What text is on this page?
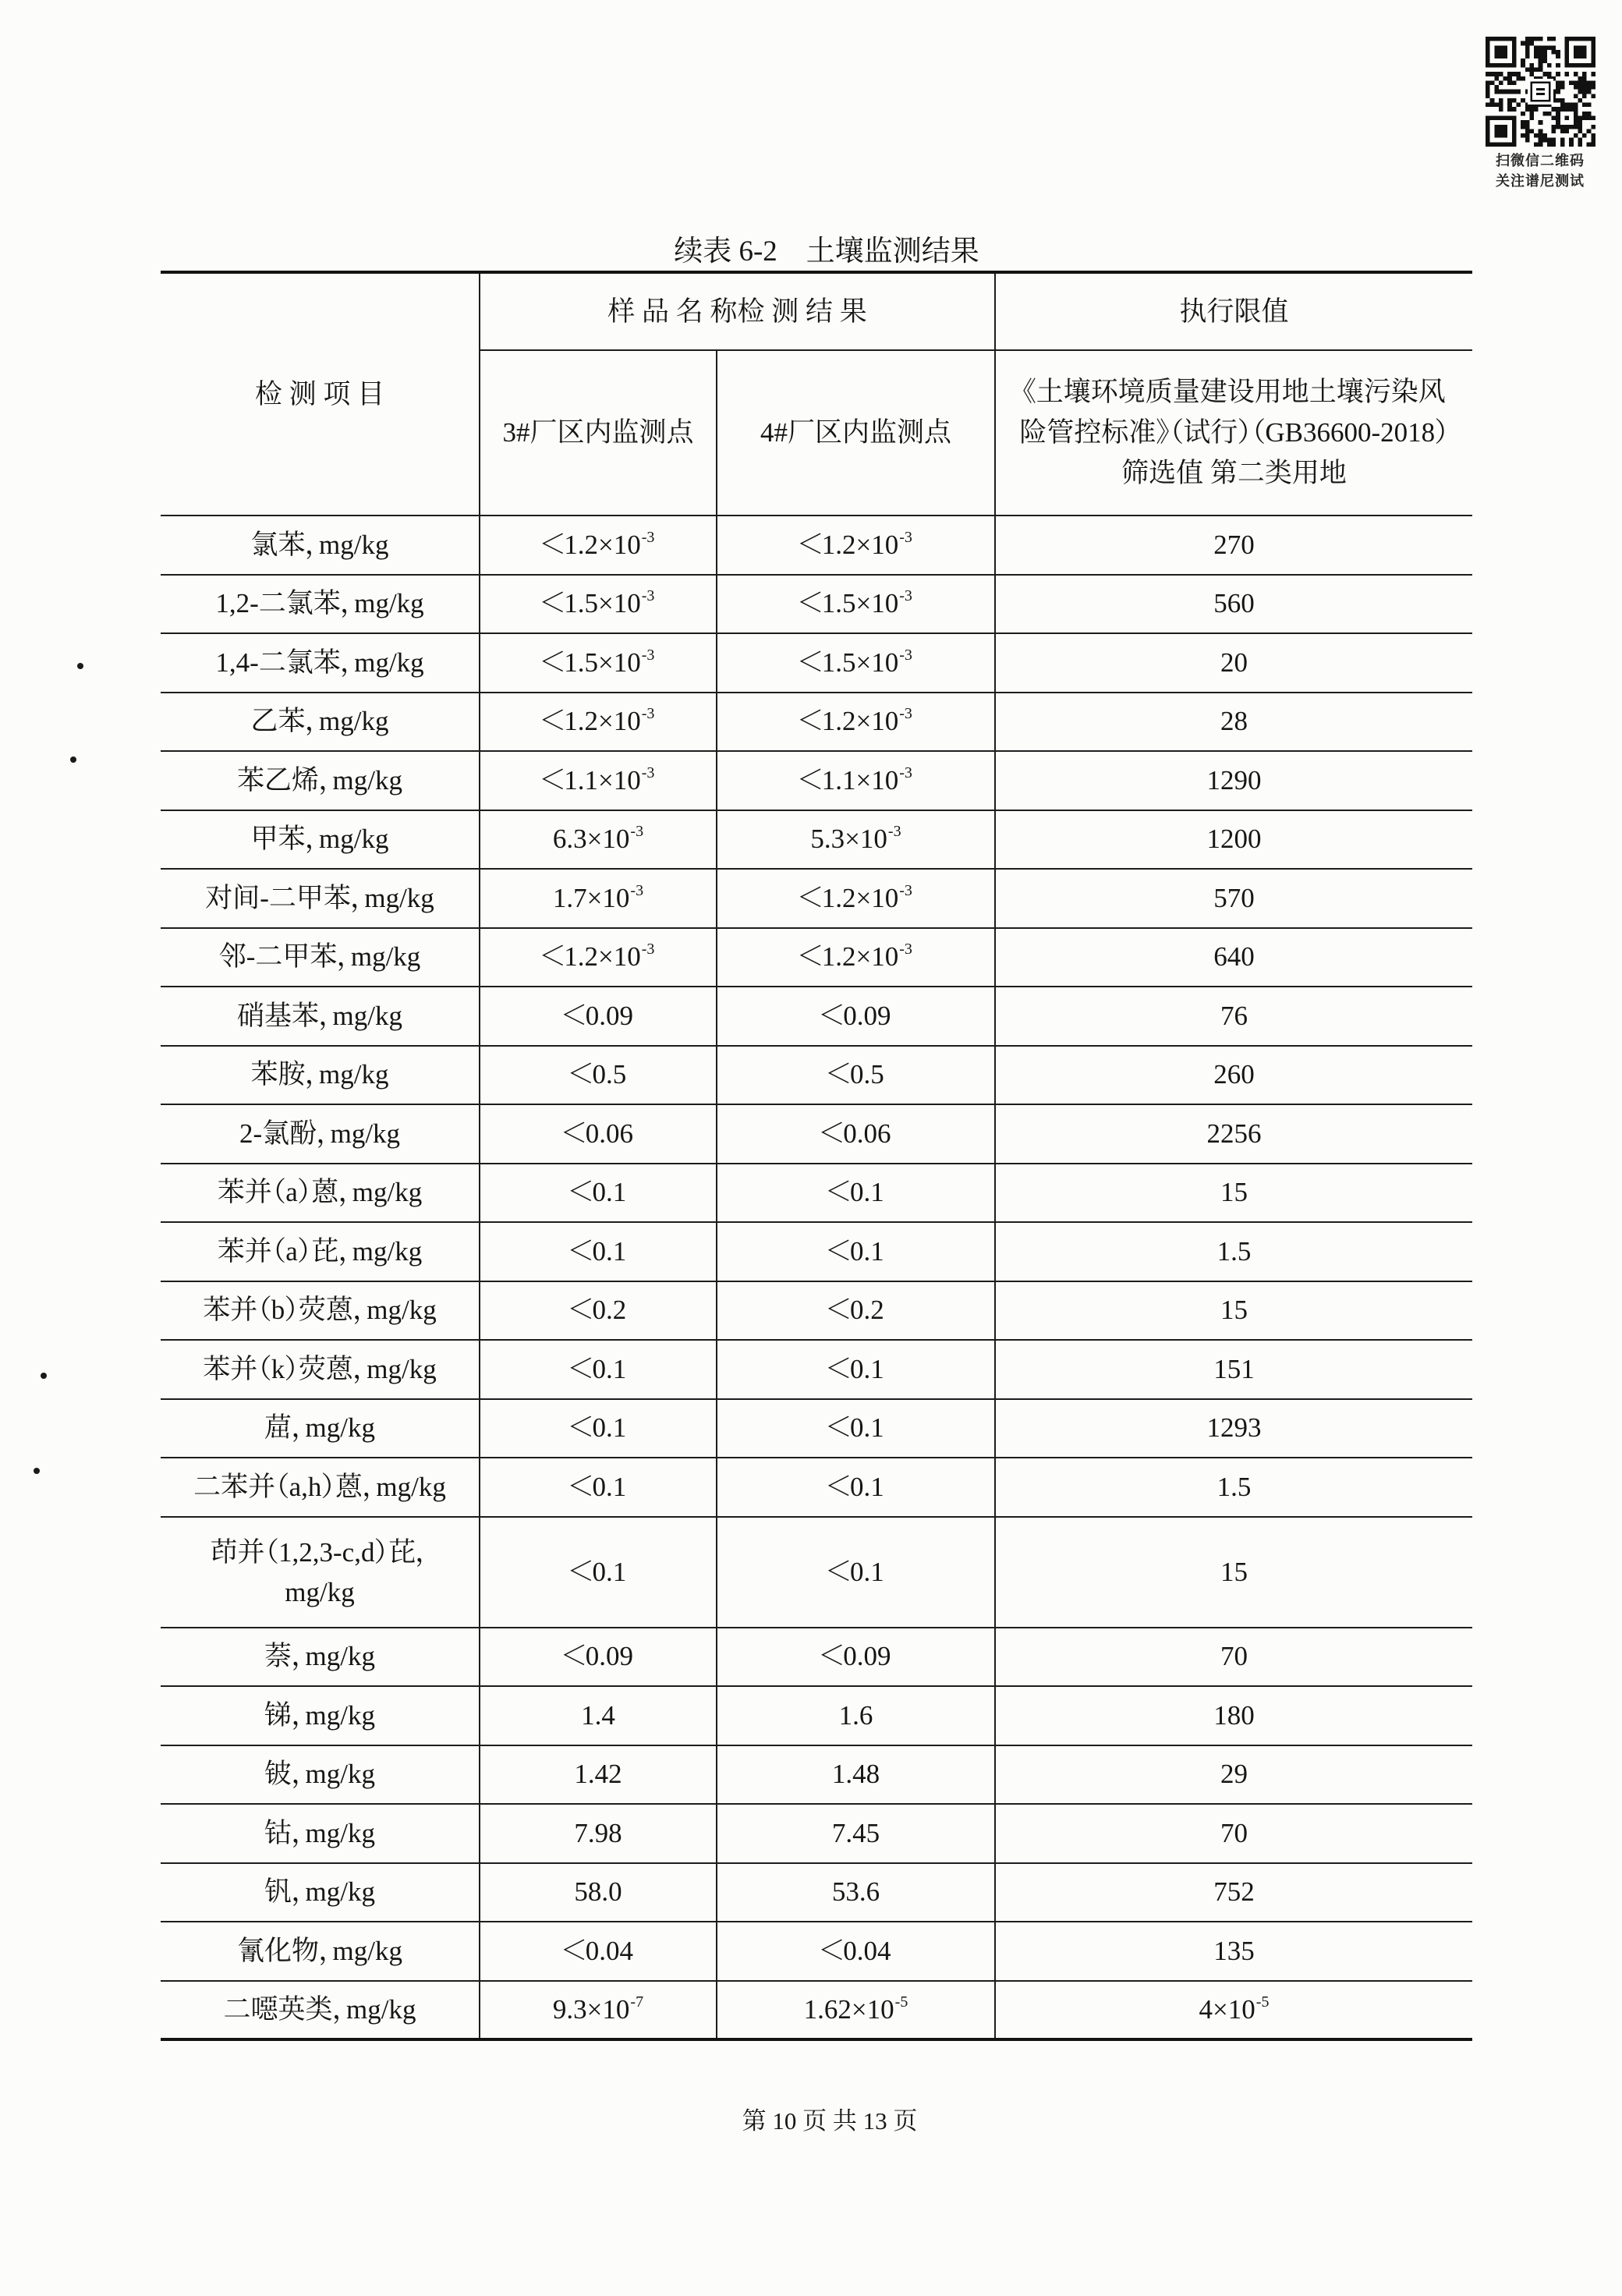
扫微信二维码
关注谱尼测试
续表 6-2　土壤监测结果
检 测 项 目	样 品 名 称检 测 结 果		执行限值
	3#厂区内监测点	4#厂区内监测点	《土壤环境质量建设用地土壤污染风
险管控标准》（试行）（GB36600-2018）
筛选值 第二类用地

氯苯，mg/kg	$<1.2\times 10^{-3}$	$<1.2\times 10^{-3}$	270

1,2-二氯苯，mg/kg	$<1.5\times 10^{-3}$	$<1.5\times 10^{-3}$	560

1,4-二氯苯，mg/kg	$<1.5\times 10^{-3}$	$<1.5\times 10^{-3}$	20

乙苯，mg/kg	$<1.2\times 10^{-3}$	$<1.2\times 10^{-3}$	28

苯乙烯，mg/kg	$<1.1\times 10^{-3}$	$<1.1\times 10^{-3}$	1290

甲苯，mg/kg	$6.3\times 10^{-3}$	$5.3\times 10^{-3}$	1200

对间-二甲苯，mg/kg	$1.7\times 10^{-3}$	$<1.2\times 10^{-3}$	570

邻-二甲苯，mg/kg	$<1.2\times 10^{-3}$	$<1.2\times 10^{-3}$	640

硝基苯，mg/kg	＜0.09	＜0.09	76

苯胺，mg/kg	＜0.5	＜0.5	260

2-氯酚，mg/kg	＜0.06	＜0.06	2256

苯并（a）蒽，mg/kg	＜0.1	＜0.1	15

苯并（a）芘，mg/kg	＜0.1	＜0.1	1.5

苯并（b）荧蒽，mg/kg	＜0.2	＜0.2	15

苯并（k）荧蒽，mg/kg	＜0.1	＜0.1	151

䓛，mg/kg	＜0.1	＜0.1	1293

二苯并（a,h）蒽，mg/kg	＜0.1	＜0.1	1.5

茚并（1,2,3-c,d）芘，
mg/kg	＜0.1	＜0.1	15

萘，mg/kg	＜0.09	＜0.09	70

锑，mg/kg	1.4	1.6	180

铍，mg/kg	1.42	1.48	29

钴，mg/kg	7.98	7.45	70

钒，mg/kg	58.0	53.6	752

氰化物，mg/kg	＜0.04	＜0.04	135

二噁英类，mg/kg	$9.3\times 10^{-7}$	$1.62\times 10^{-5}$	$4\times 10^{-5}$
第 10 页 共 13 页
